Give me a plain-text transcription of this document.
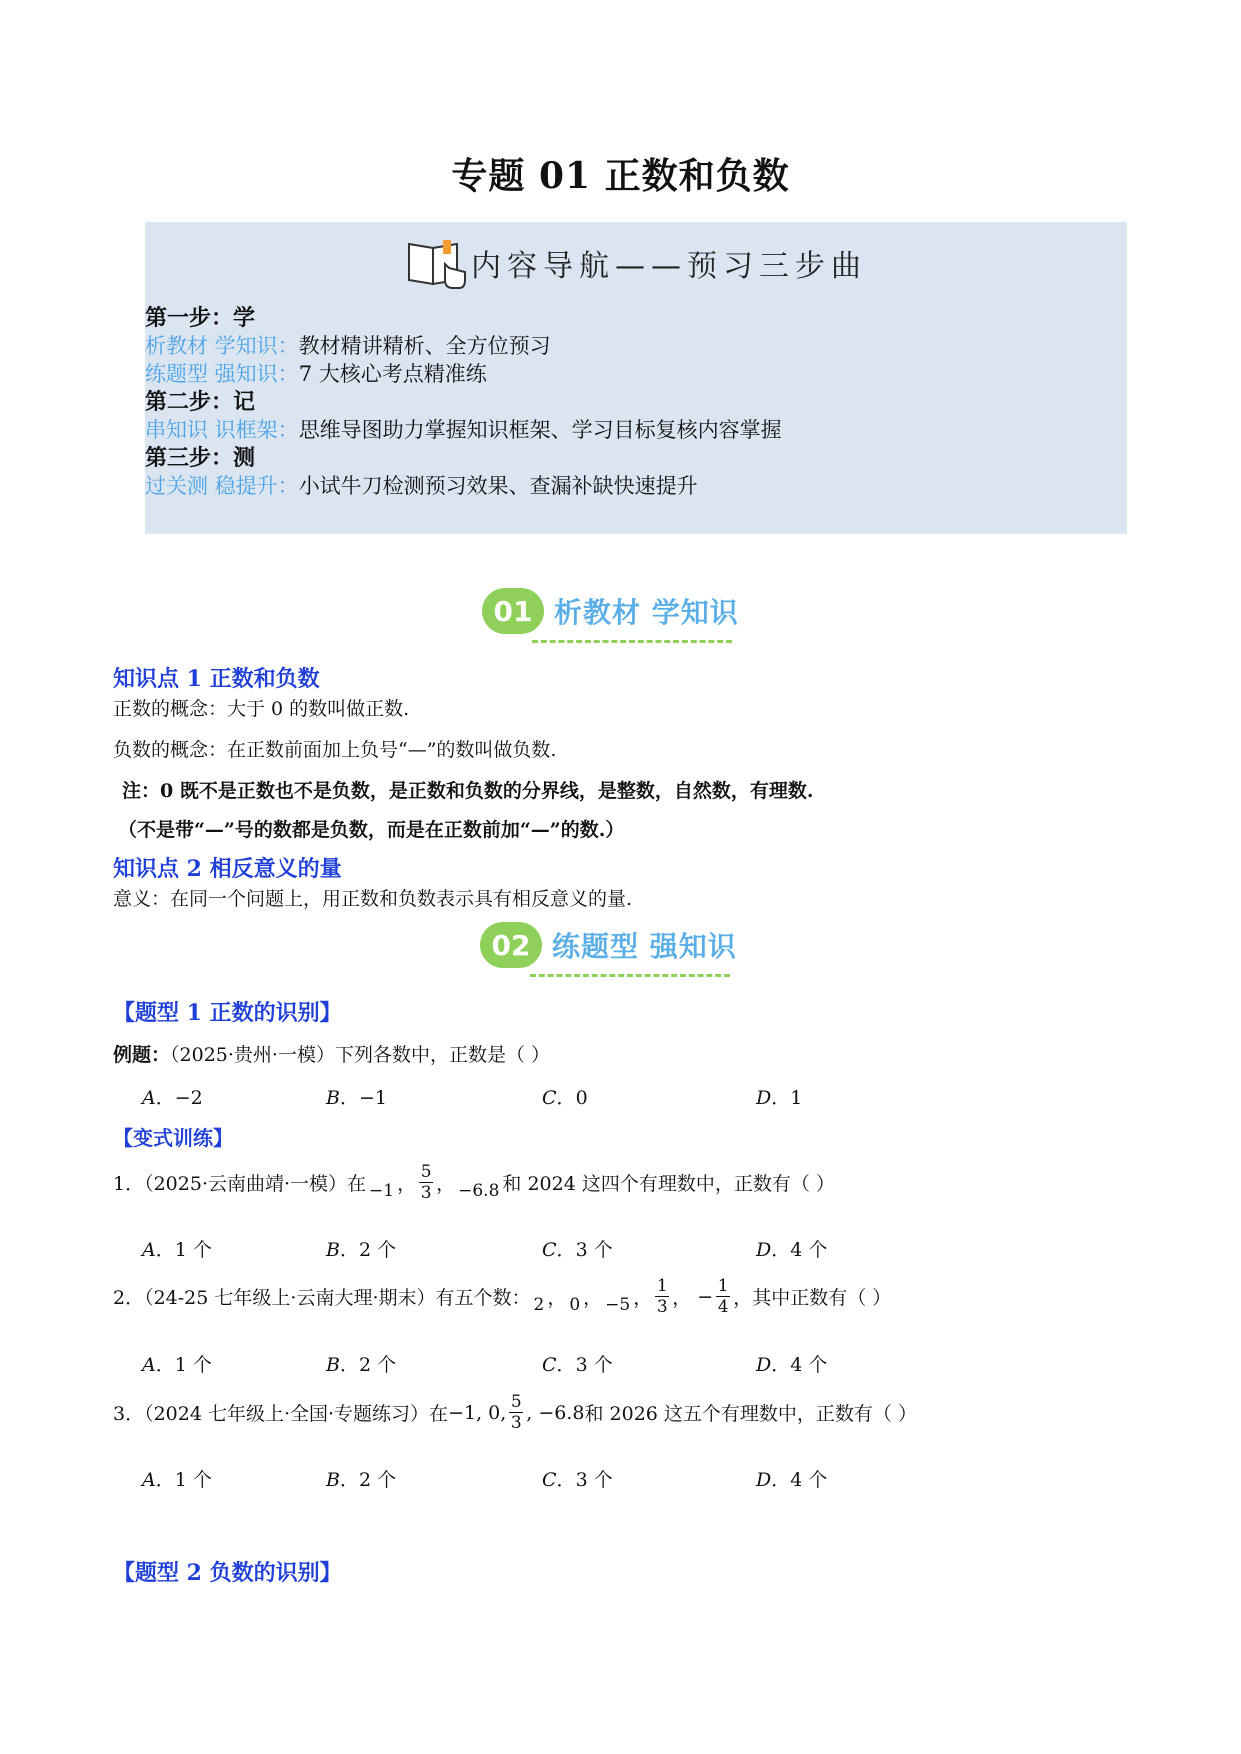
专题 01 正数和负数
内容导航——预习三步曲
第一步：学
析教材 学知识：教材精讲精析、全方位预习
练题型 强知识：7 大核心考点精准练
第二步：记
串知识 识框架：思维导图助力掌握知识框架、学习目标复核内容掌握
第三步：测
过关测 稳提升：小试牛刀检测预习效果、查漏补缺快速提升
01 析教材 学知识
知识点 1 正数和负数
正数的概念：大于 0 的数叫做正数.
负数的概念：在正数前面加上负号“—”的数叫做负数.
注：0 既不是正数也不是负数，是正数和负数的分界线，是整数，自然数，有理数.
（不是带“—”号的数都是负数，而是在正数前加“—”的数.）
知识点 2 相反意义的量
意义：在同一个问题上，用正数和负数表示具有相反意义的量.
02 练题型 强知识
【题型 1 正数的识别】
例题：（2025·贵州·一模）下列各数中，正数是（ ）
A．−2	B．−1	C．0	D．1
【变式训练】
1．（2025·云南曲靖·一模）在 −1 ， $\frac{5}{3}$ ， −6.8 和 2024 这四个有理数中，正数有（ ）
A．1 个	B．2 个	C．3 个	D．4 个
2．（24-25 七年级上·云南大理·期末）有五个数： 2 ， 0 ， −5 ， $\frac{1}{3}$ ， − $\frac{1}{4}$ ，其中正数有（ ）
A．1 个	B．2 个	C．3 个	D．4 个
3．（2024 七年级上·全国·专题练习）在 −1, 0, $\frac{5}{3}$ , −6.8 和 2026 这五个有理数中，正数有（ ）
A．1 个	B．2 个	C．3 个	D．4 个
【题型 2 负数的识别】
